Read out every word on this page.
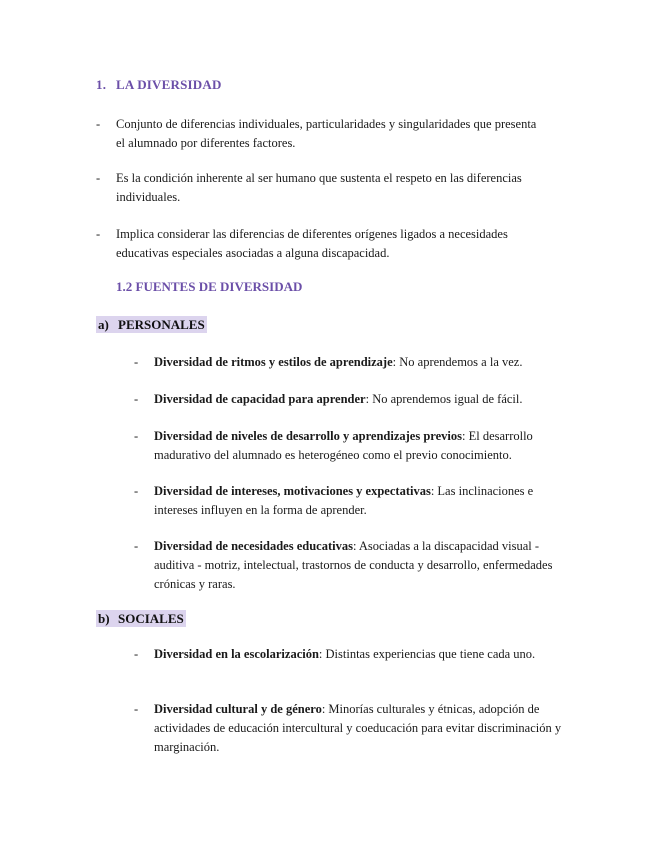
1. LA DIVERSIDAD
- Conjunto de diferencias individuales, particularidades y singularidades que presenta el alumnado por diferentes factores.
- Es la condición inherente al ser humano que sustenta el respeto en las diferencias individuales.
- Implica considerar las diferencias de diferentes orígenes ligados a necesidades educativas especiales asociadas a alguna discapacidad.
1.2 FUENTES DE DIVERSIDAD
a) PERSONALES
- Diversidad de ritmos y estilos de aprendizaje: No aprendemos a la vez.
- Diversidad de capacidad para aprender: No aprendemos igual de fácil.
- Diversidad de niveles de desarrollo y aprendizajes previos: El desarrollo madurativo del alumnado es heterogéneo como el previo conocimiento.
- Diversidad de intereses, motivaciones y expectativas: Las inclinaciones e intereses influyen en la forma de aprender.
- Diversidad de necesidades educativas: Asociadas a la discapacidad visual - auditiva - motriz, intelectual, trastornos de conducta y desarrollo, enfermedades crónicas y raras.
b) SOCIALES
- Diversidad en la escolarización: Distintas experiencias que tiene cada uno.
- Diversidad cultural y de género: Minorías culturales y étnicas, adopción de actividades de educación intercultural y coeducación para evitar discriminación y marginación.
